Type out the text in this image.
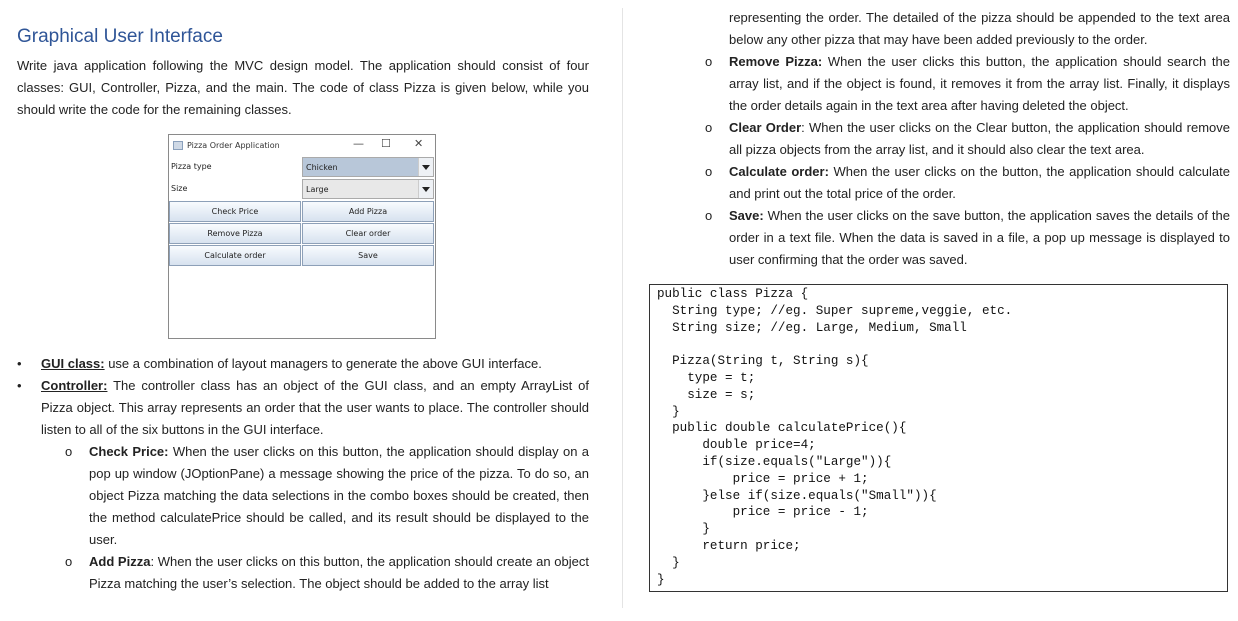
Graphical User Interface

Write java application following the MVC design model. The application should consist of four classes: GUI, Controller, Pizza, and the main. The code of class Pizza is given below, while you should write the code for the remaining classes.

Pizza Order Application	— ☐ ✕
Pizza type	Chicken
Size	Large
Check Price	Add Pizza
Remove Pizza	Clear order
Calculate order	Save
• GUI class: use a combination of layout managers to generate the above GUI interface.
• Controller: The controller class has an object of the GUI class, and an empty ArrayList of Pizza object. This array represents an order that the user wants to place. The controller should listen to all of the six buttons in the GUI interface.
o Check Price: When the user clicks on this button, the application should display on a pop up window (JOptionPane) a message showing the price of the pizza. To do so, an object Pizza matching the data selections in the combo boxes should be created, then the method calculatePrice should be called, and its result should be displayed to the user.
o Add Pizza: When the user clicks on this button, the application should create an object Pizza matching the user’s selection. The object should be added to the array list
representing the order. The detailed of the pizza should be appended to the text area below any other pizza that may have been added previously to the order.
o Remove Pizza: When the user clicks this button, the application should search the array list, and if the object is found, it removes it from the array list. Finally, it displays the order details again in the text area after having deleted the object.
o Clear Order: When the user clicks on the Clear button, the application should remove all pizza objects from the array list, and it should also clear the text area.
o Calculate order: When the user clicks on the button, the application should calculate and print out the total price of the order.
o Save: When the user clicks on the save button, the application saves the details of the order in a text file. When the data is saved in a file, a pop up message is displayed to user confirming that the order was saved.
public class Pizza {
String type; //eg. Super supreme,veggie, etc.
String size; //eg. Large, Medium, Small

Pizza(String t, String s){
type = t;
size = s;
}
public double calculatePrice(){
double price=4;
if(size.equals("Large")){
price = price + 1;
}else if(size.equals("Small")){
price = price - 1;
}
return price;
}
}
